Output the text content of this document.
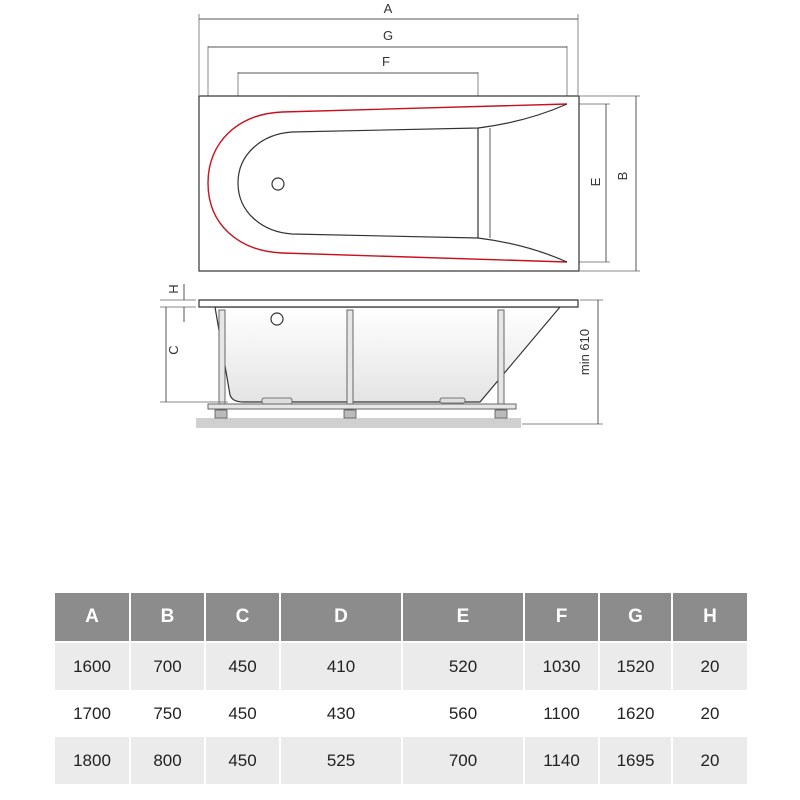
A
G
F
E
B
H
C	min 610
A	B	C	D	E	F	G	H

1600	700	450	410	520	1030	1520	20
1700	750	450	430	560	1100	1620	20
1800	800	450	525	700	1140	1695	20
